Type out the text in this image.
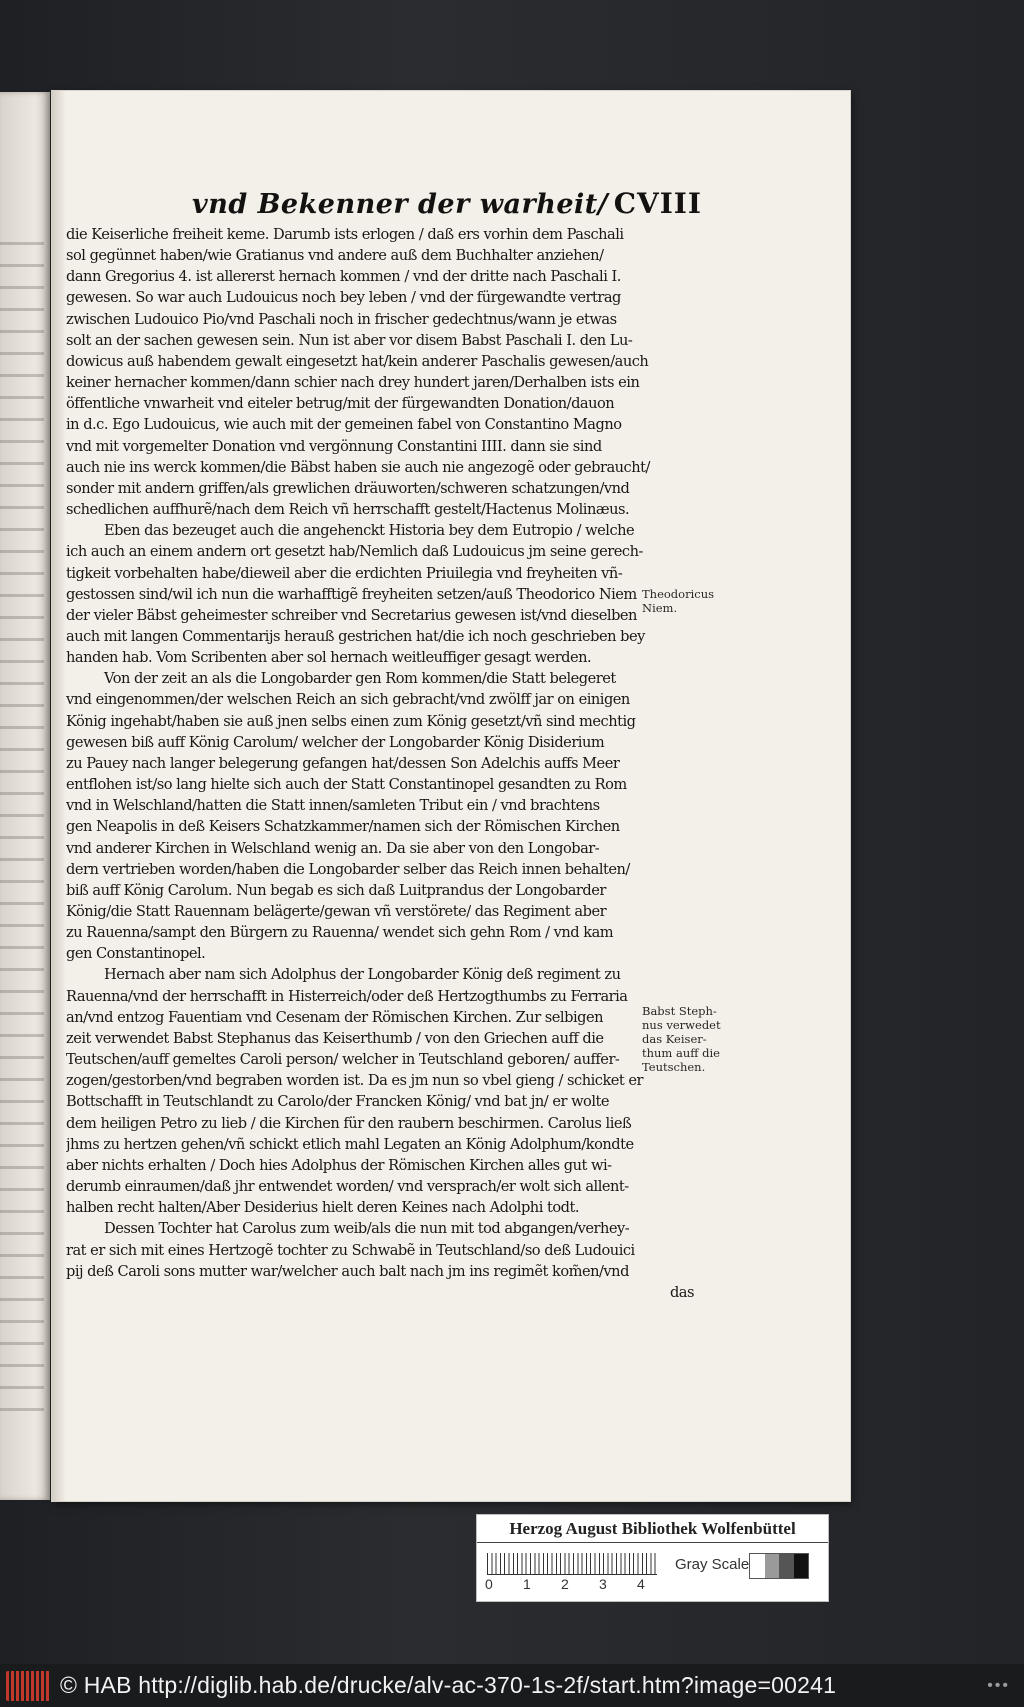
vnd Bekenner der warheit/ CVIII
die Keiserliche freiheit keme. Darumb ists erlogen / daß ers vorhin dem Paschali
sol gegünnet haben/wie Gratianus vnd andere auß dem Buchhalter anziehen/
dann Gregorius 4. ist allererst hernach kommen / vnd der dritte nach Paschali I.
gewesen. So war auch Ludouicus noch bey leben / vnd der fürgewandte vertrag
zwischen Ludouico Pio/vnd Paschali noch in frischer gedechtnus/wann je etwas
solt an der sachen gewesen sein. Nun ist aber vor disem Babst Paschali I. den Lu-
dowicus auß habendem gewalt eingesetzt hat/kein anderer Paschalis gewesen/auch
keiner hernacher kommen/dann schier nach drey hundert jaren/Derhalben ists ein
öffentliche vnwarheit vnd eiteler betrug/mit der fürgewandten Donation/dauon
in d.c. Ego Ludouicus, wie auch mit der gemeinen fabel von Constantino Magno
vnd mit vorgemelter Donation vnd vergönnung Constantini IIII. dann sie sind
auch nie ins werck kommen/die Bäbst haben sie auch nie angezogẽ oder gebraucht/
sonder mit andern griffen/als grewlichen dräuworten/schweren schatzungen/vnd
schedlichen auffhurẽ/nach dem Reich vñ herrschafft gestelt/Hactenus Molinæus.
Eben das bezeuget auch die angehenckt Historia bey dem Eutropio / welche
ich auch an einem andern ort gesetzt hab/Nemlich daß Ludouicus jm seine gerech-
tigkeit vorbehalten habe/dieweil aber die erdichten Priuilegia vnd freyheiten vñ-
gestossen sind/wil ich nun die warhafftigẽ freyheiten setzen/auß Theodorico Niem
der vieler Bäbst geheimester schreiber vnd Secretarius gewesen ist/vnd dieselben
auch mit langen Commentarijs herauß gestrichen hat/die ich noch geschrieben bey
handen hab. Vom Scribenten aber sol hernach weitleuffiger gesagt werden.
Von der zeit an als die Longobarder gen Rom kommen/die Statt belegeret
vnd eingenommen/der welschen Reich an sich gebracht/vnd zwölff jar on einigen
König ingehabt/haben sie auß jnen selbs einen zum König gesetzt/vñ sind mechtig
gewesen biß auff König Carolum/ welcher der Longobarder König Disiderium
zu Pauey nach langer belegerung gefangen hat/dessen Son Adelchis auffs Meer
entflohen ist/so lang hielte sich auch der Statt Constantinopel gesandten zu Rom
vnd in Welschland/hatten die Statt innen/samleten Tribut ein / vnd brachtens
gen Neapolis in deß Keisers Schatzkammer/namen sich der Römischen Kirchen
vnd anderer Kirchen in Welschland wenig an. Da sie aber von den Longobar-
dern vertrieben worden/haben die Longobarder selber das Reich innen behalten/
biß auff König Carolum. Nun begab es sich daß Luitprandus der Longobarder
König/die Statt Rauennam belägerte/gewan vñ verstörete/ das Regiment aber
zu Rauenna/sampt den Bürgern zu Rauenna/ wendet sich gehn Rom / vnd kam
gen Constantinopel.
Hernach aber nam sich Adolphus der Longobarder König deß regiment zu
Rauenna/vnd der herrschafft in Histerreich/oder deß Hertzogthumbs zu Ferraria
an/vnd entzog Fauentiam vnd Cesenam der Römischen Kirchen. Zur selbigen
zeit verwendet Babst Stephanus das Keiserthumb / von den Griechen auff die
Teutschen/auff gemeltes Caroli person/ welcher in Teutschland geboren/ auffer-
zogen/gestorben/vnd begraben worden ist. Da es jm nun so vbel gieng / schicket er
Bottschafft in Teutschlandt zu Carolo/der Francken König/ vnd bat jn/ er wolte
dem heiligen Petro zu lieb / die Kirchen für den raubern beschirmen. Carolus ließ
jhms zu hertzen gehen/vñ schickt etlich mahl Legaten an König Adolphum/kondte
aber nichts erhalten / Doch hies Adolphus der Römischen Kirchen alles gut wi-
derumb einraumen/daß jhr entwendet worden/ vnd versprach/er wolt sich allent-
halben recht halten/Aber Desiderius hielt deren Keines nach Adolphi todt.
Dessen Tochter hat Carolus zum weib/als die nun mit tod abgangen/verhey-
rat er sich mit eines Hertzogẽ tochter zu Schwabẽ in Teutschland/so deß Ludouici
pij deß Caroli sons mutter war/welcher auch balt nach jm ins regimẽt kom̃en/vnd
das
Theodoricus
Niem.
Babst Steph-
nus verwedet
das Keiser-
thum auff die
Teutschen.
Herzog August Bibliothek Wolfenbüttel
0	1	2	3	4
Gray Scale
© HAB http://diglib.hab.de/drucke/alv-ac-370-1s-2f/start.htm?image=00241	•••
